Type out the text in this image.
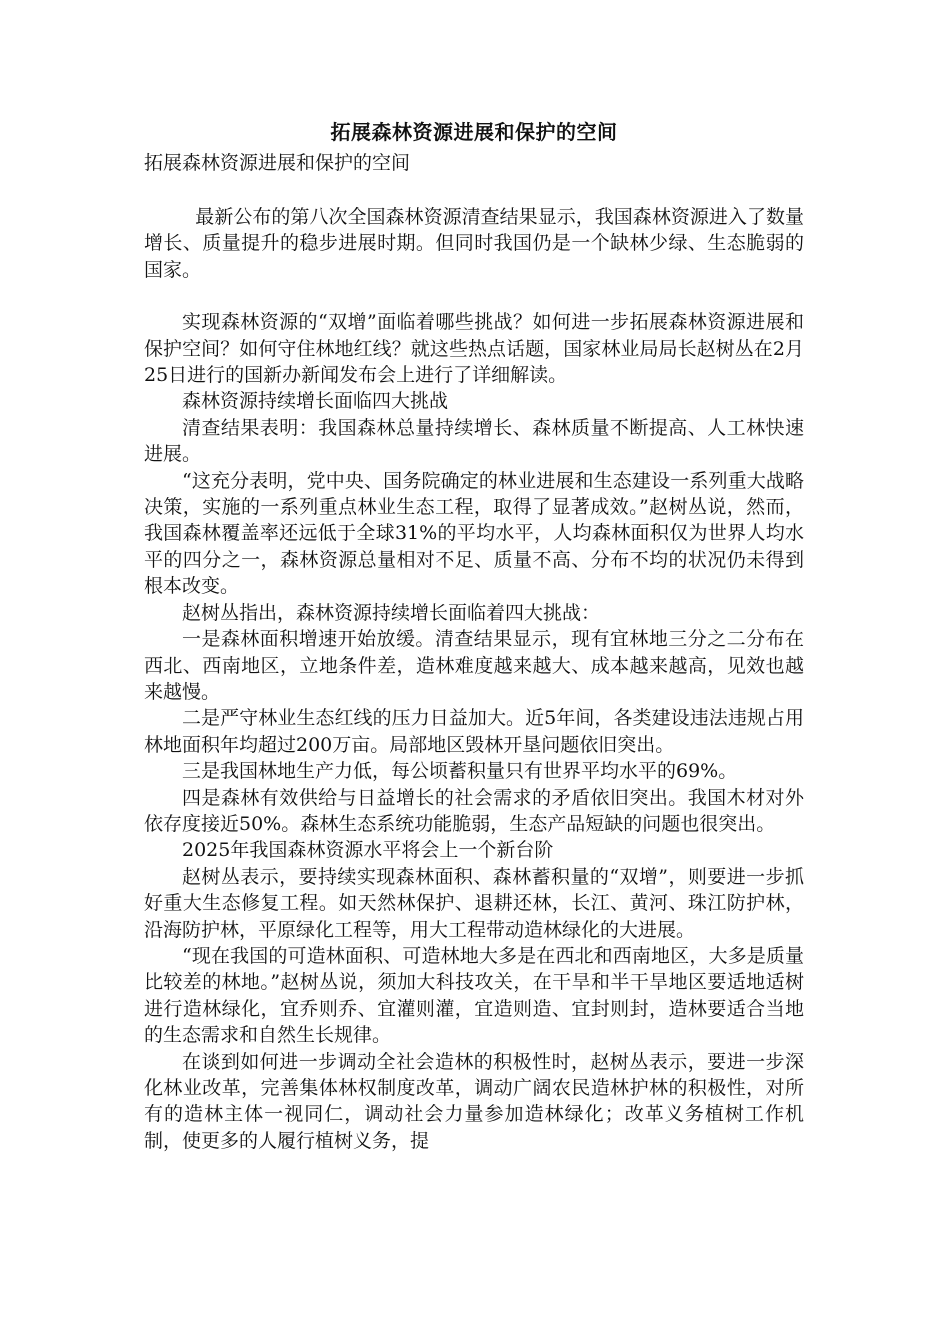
拓展森林资源进展和保护的空间
拓展森林资源进展和保护的空间

最新公布的第八次全国森林资源清查结果显示，我国森林资源进入了数量增长、质量提升的稳步进展时期。但同时我国仍是一个缺林少绿、生态脆弱的国家。

实现森林资源的“双增”面临着哪些挑战？如何进一步拓展森林资源进展和保护空间？如何守住林地红线？就这些热点话题，国家林业局局长赵树丛在2月25日进行的国新办新闻发布会上进行了详细解读。

森林资源持续增长面临四大挑战

清查结果表明：我国森林总量持续增长、森林质量不断提高、人工林快速进展。

“这充分表明，党中央、国务院确定的林业进展和生态建设一系列重大战略决策，实施的一系列重点林业生态工程，取得了显著成效。”赵树丛说，然而，我国森林覆盖率还远低于全球31%的平均水平，人均森林面积仅为世界人均水平的四分之一，森林资源总量相对不足、质量不高、分布不均的状况仍未得到根本改变。

赵树丛指出，森林资源持续增长面临着四大挑战：

一是森林面积增速开始放缓。清查结果显示，现有宜林地三分之二分布在西北、西南地区，立地条件差，造林难度越来越大、成本越来越高，见效也越来越慢。

二是严守林业生态红线的压力日益加大。近5年间，各类建设违法违规占用林地面积年均超过200万亩。局部地区毁林开垦问题依旧突出。

三是我国林地生产力低，每公顷蓄积量只有世界平均水平的69%。

四是森林有效供给与日益增长的社会需求的矛盾依旧突出。我国木材对外依存度接近50%。森林生态系统功能脆弱，生态产品短缺的问题也很突出。

2025年我国森林资源水平将会上一个新台阶

赵树丛表示，要持续实现森林面积、森林蓄积量的“双增”，则要进一步抓好重大生态修复工程。如天然林保护、退耕还林，长江、黄河、珠江防护林，沿海防护林，平原绿化工程等，用大工程带动造林绿化的大进展。

“现在我国的可造林面积、可造林地大多是在西北和西南地区，大多是质量比较差的林地。”赵树丛说，须加大科技攻关，在干旱和半干旱地区要适地适树进行造林绿化，宜乔则乔、宜灌则灌，宜造则造、宜封则封，造林要适合当地的生态需求和自然生长规律。

在谈到如何进一步调动全社会造林的积极性时，赵树丛表示，要进一步深化林业改革，完善集体林权制度改革，调动广阔农民造林护林的积极性，对所有的造林主体一视同仁，调动社会力量参加造林绿化；改革义务植树工作机制，使更多的人履行植树义务，提
